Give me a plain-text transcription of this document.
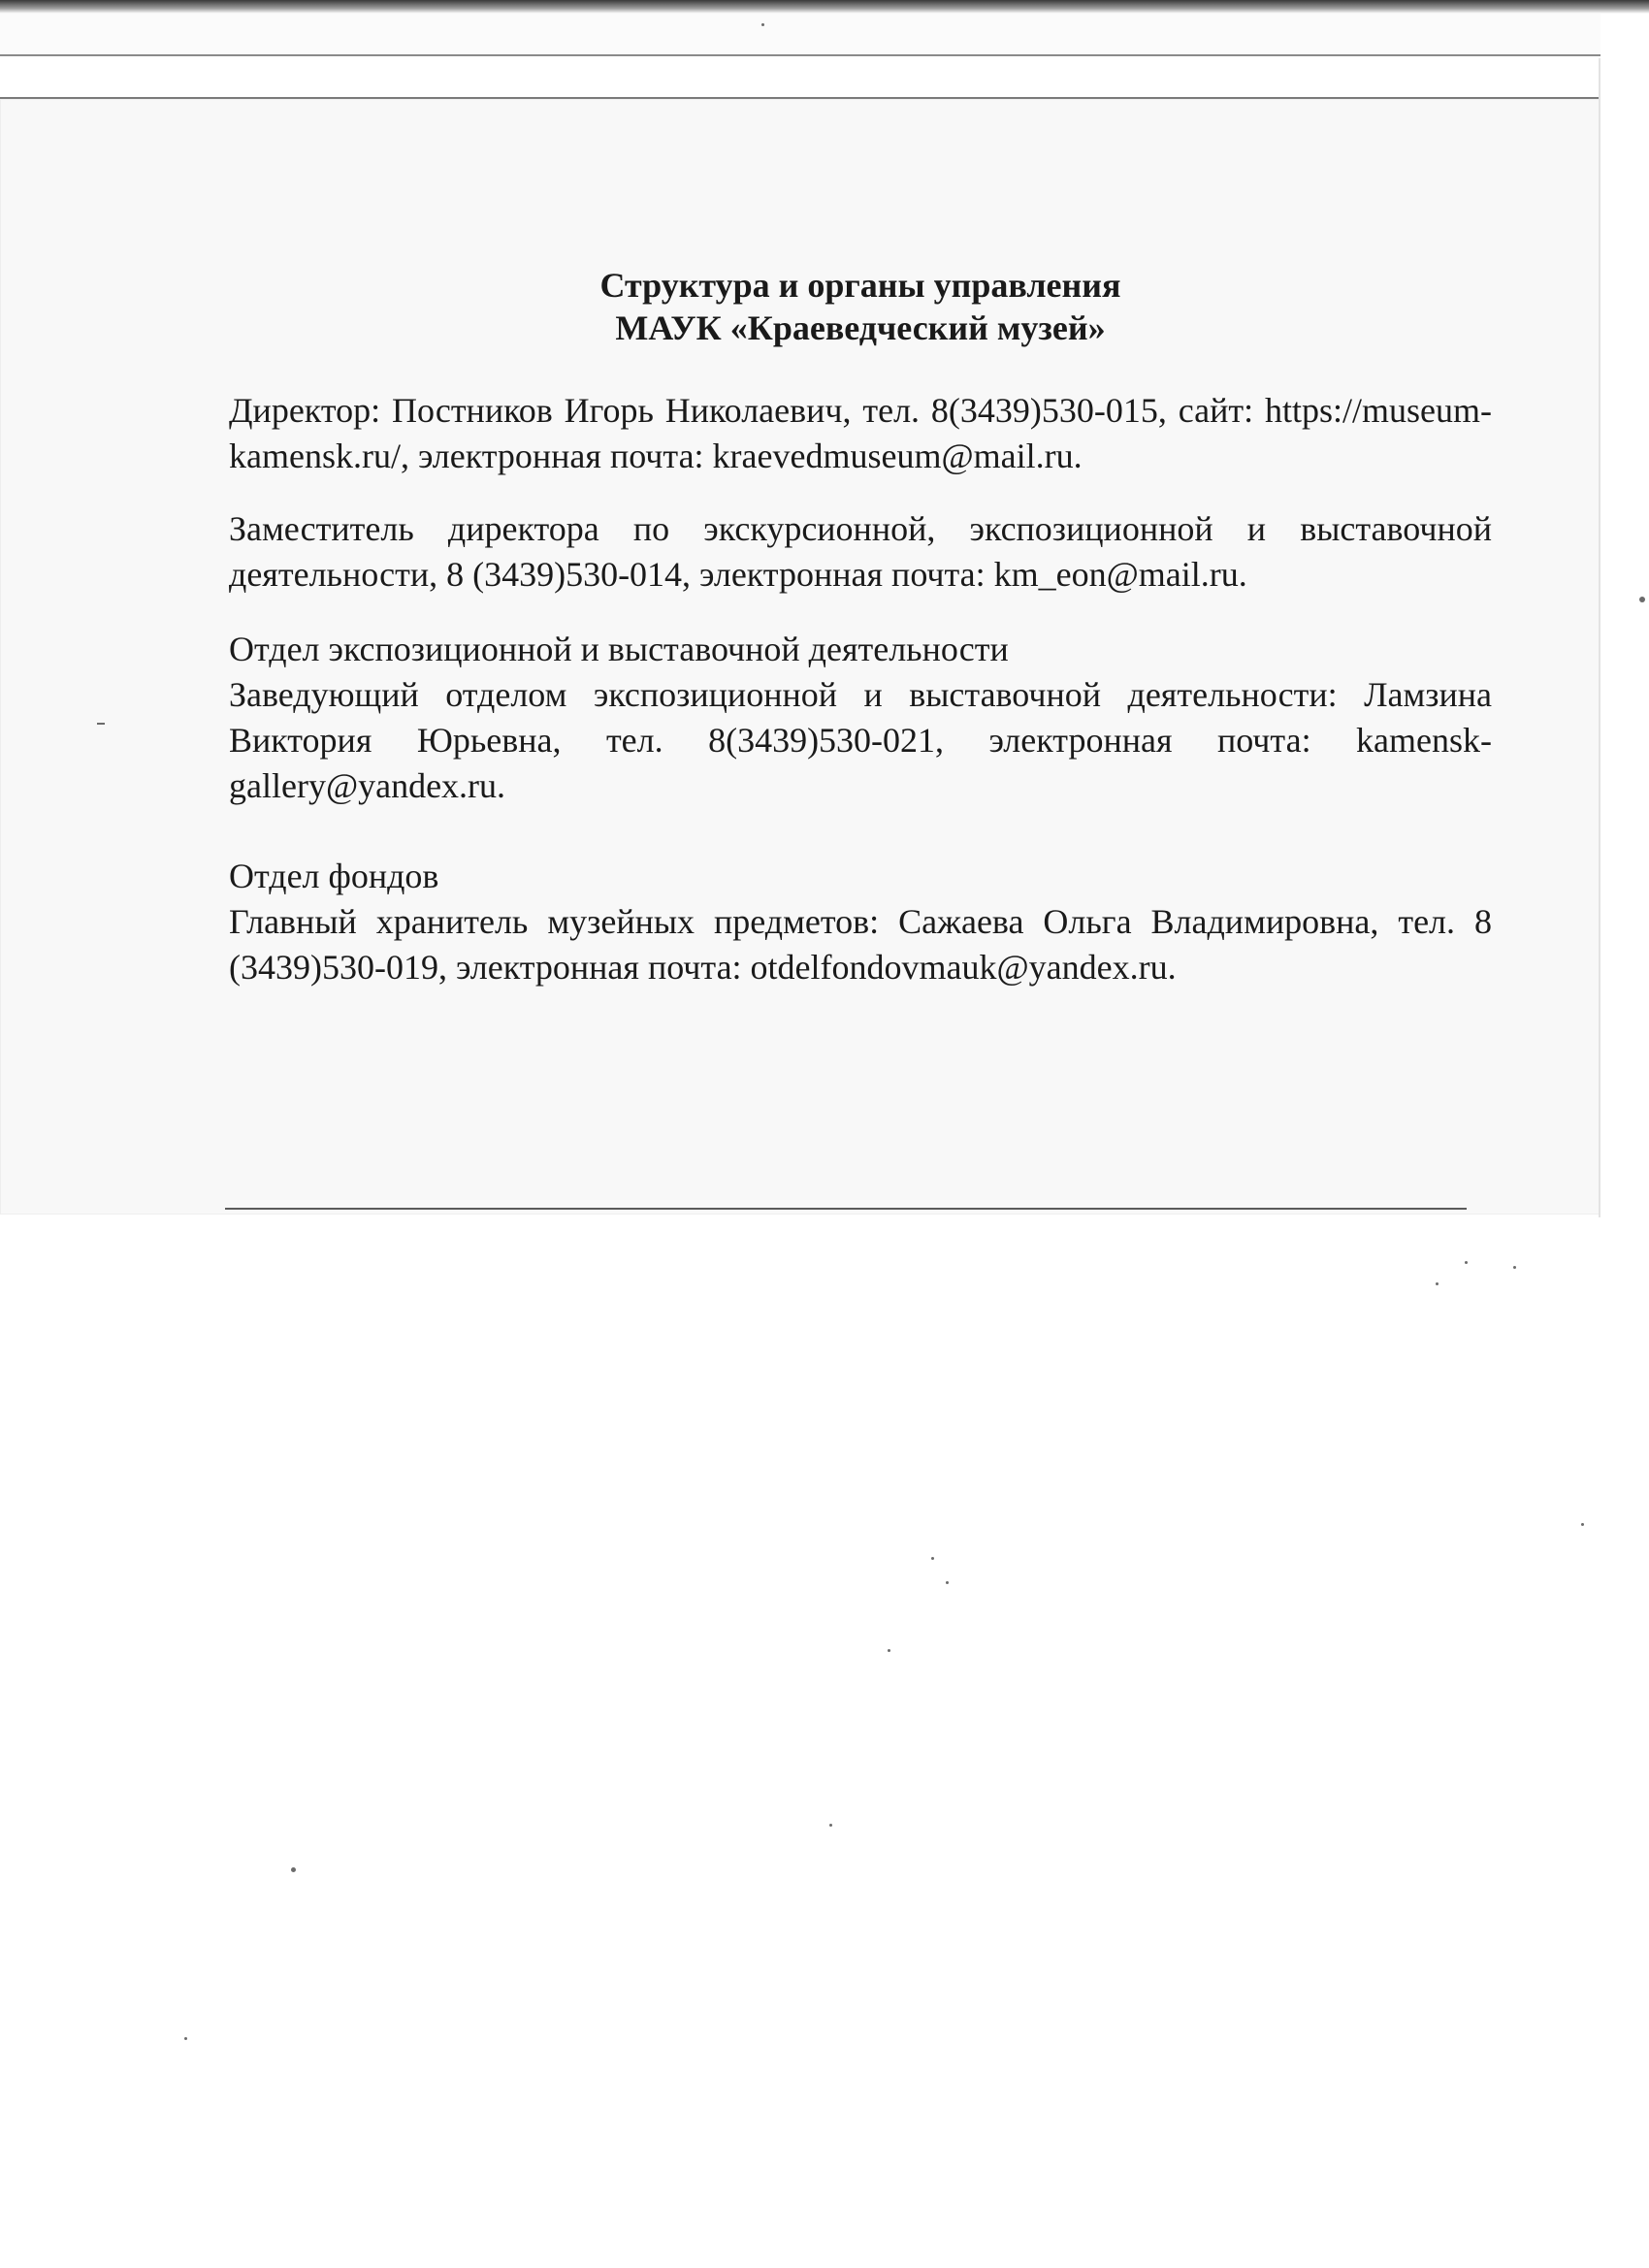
Структура и органы управления
МАУК «Краеведческий музей»

Директор: Постников Игорь Николаевич, тел. 8(3439)530-015, сайт: https://museum-kamensk.ru/, электронная почта: kraevedmuseum@mail.ru.

Заместитель директора по экскурсионной, экспозиционной и выставочной деятельности, 8 (3439)530-014, электронная почта: km_eon@mail.ru.

Отдел экспозиционной и выставочной деятельности

Заведующий отделом экспозиционной и выставочной деятельности: Ламзина Виктория Юрьевна, тел. 8(3439)530-021, электронная почта: kamensk-gallery@yandex.ru.

Отдел фондов

Главный хранитель музейных предметов: Сажаева Ольга Владимировна, тел. 8 (3439)530-019, электронная почта: otdelfondovmauk@yandex.ru.
